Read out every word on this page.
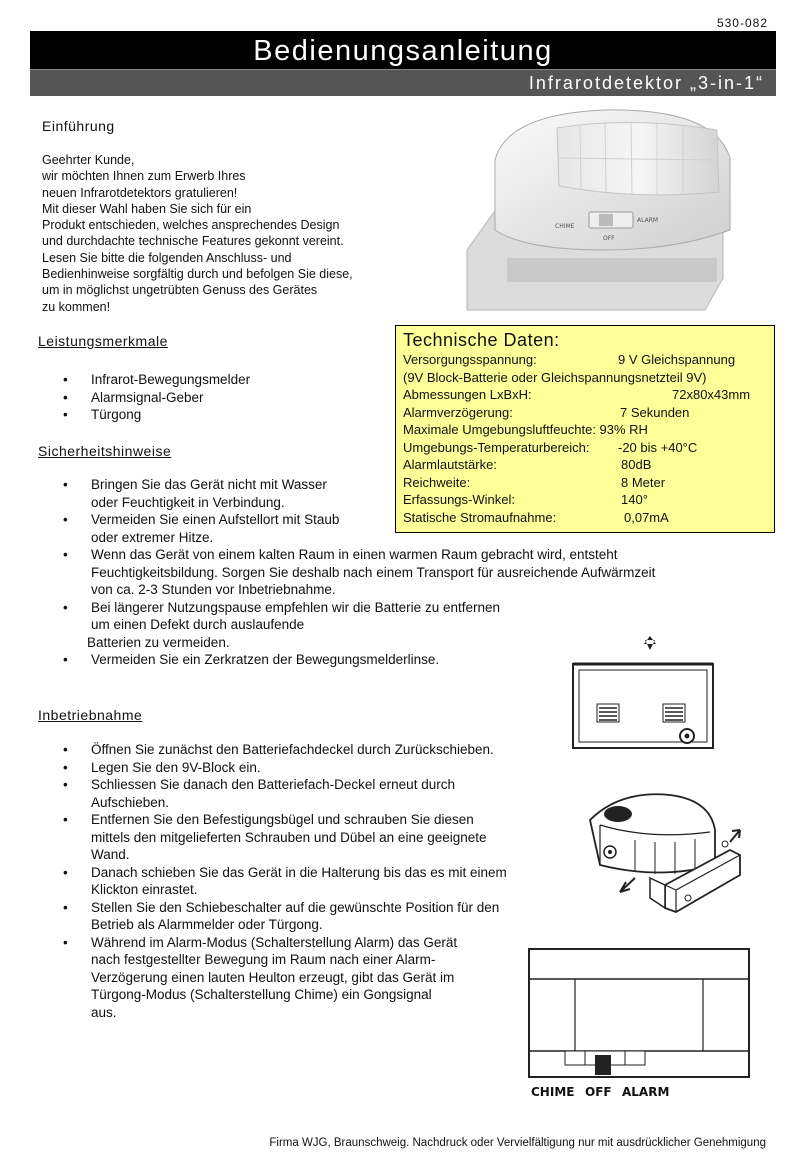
530-082
Bedienungsanleitung
Infrarotdetektor „3-in-1“
Einführung
Geehrter Kunde,
wir möchten Ihnen zum Erwerb Ihres
neuen Infrarotdetektors gratulieren!
Mit dieser Wahl haben Sie sich für ein
Produkt entschieden, welches ansprechendes Design
und durchdachte technische Features gekonnt vereint.
Lesen Sie bitte die folgenden Anschluss- und
Bedienhinweise sorgfältig durch und befolgen Sie diese,
um in möglichst ungetrübten Genuss des Gerätes
zu kommen!
CHIME
ALARM
OFF
Leistungsmerkmale
• Infrarot-Bewegungsmelder
• Alarmsignal-Geber
• Türgong
Technische Daten:
Versorgungsspannung:	9 V Gleichspannung
(9V Block-Batterie oder Gleichspannungsnetzteil 9V)
Abmessungen LxBxH:	72x80x43mm
Alarmverzögerung:	7 Sekunden
Maximale Umgebungsluftfeuchte: 93% RH
Umgebungs-Temperaturbereich: -20 bis +40°C
Alarmlautstärke:	80dB
Reichweite:	8 Meter
Erfassungs-Winkel:	140°
Statische Stromaufnahme:	0,07mA
Sicherheitshinweise
• Bringen Sie das Gerät nicht mit Wasser
oder Feuchtigkeit in Verbindung.
• Vermeiden Sie einen Aufstellort mit Staub
oder extremer Hitze.
• Wenn das Gerät von einem kalten Raum in einen warmen Raum gebracht wird, entsteht
Feuchtigkeitsbildung. Sorgen Sie deshalb nach einem Transport für ausreichende Aufwärmzeit
von ca. 2-3 Stunden vor Inbetriebnahme.
• Bei längerer Nutzungspause empfehlen wir die Batterie zu entfernen
um einen Defekt durch auslaufende
Batterien zu vermeiden.
• Vermeiden Sie ein Zerkratzen der Bewegungsmelderlinse.
Inbetriebnahme
• Öffnen Sie zunächst den Batteriefachdeckel durch Zurückschieben.
• Legen Sie den 9V-Block ein.
• Schliessen Sie danach den Batteriefach-Deckel erneut durch
Aufschieben.
• Entfernen Sie den Befestigungsbügel und schrauben Sie diesen
mittels den mitgelieferten Schrauben und Dübel an eine geeignete
Wand.
• Danach schieben Sie das Gerät in die Halterung bis das es mit einem
Klickton einrastet.
• Stellen Sie den Schiebeschalter auf die gewünschte Position für den
Betrieb als Alarmmelder oder Türgong.
• Während im Alarm-Modus (Schalterstellung Alarm) das Gerät
nach festgestellter Bewegung im Raum nach einer Alarm-
Verzögerung einen lauten Heulton erzeugt, gibt das Gerät im
Türgong-Modus (Schalterstellung Chime) ein Gongsignal
aus.
CHIME OFF ALARM
Firma WJG, Braunschweig. Nachdruck oder Vervielfältigung nur mit ausdrücklicher Genehmigung
